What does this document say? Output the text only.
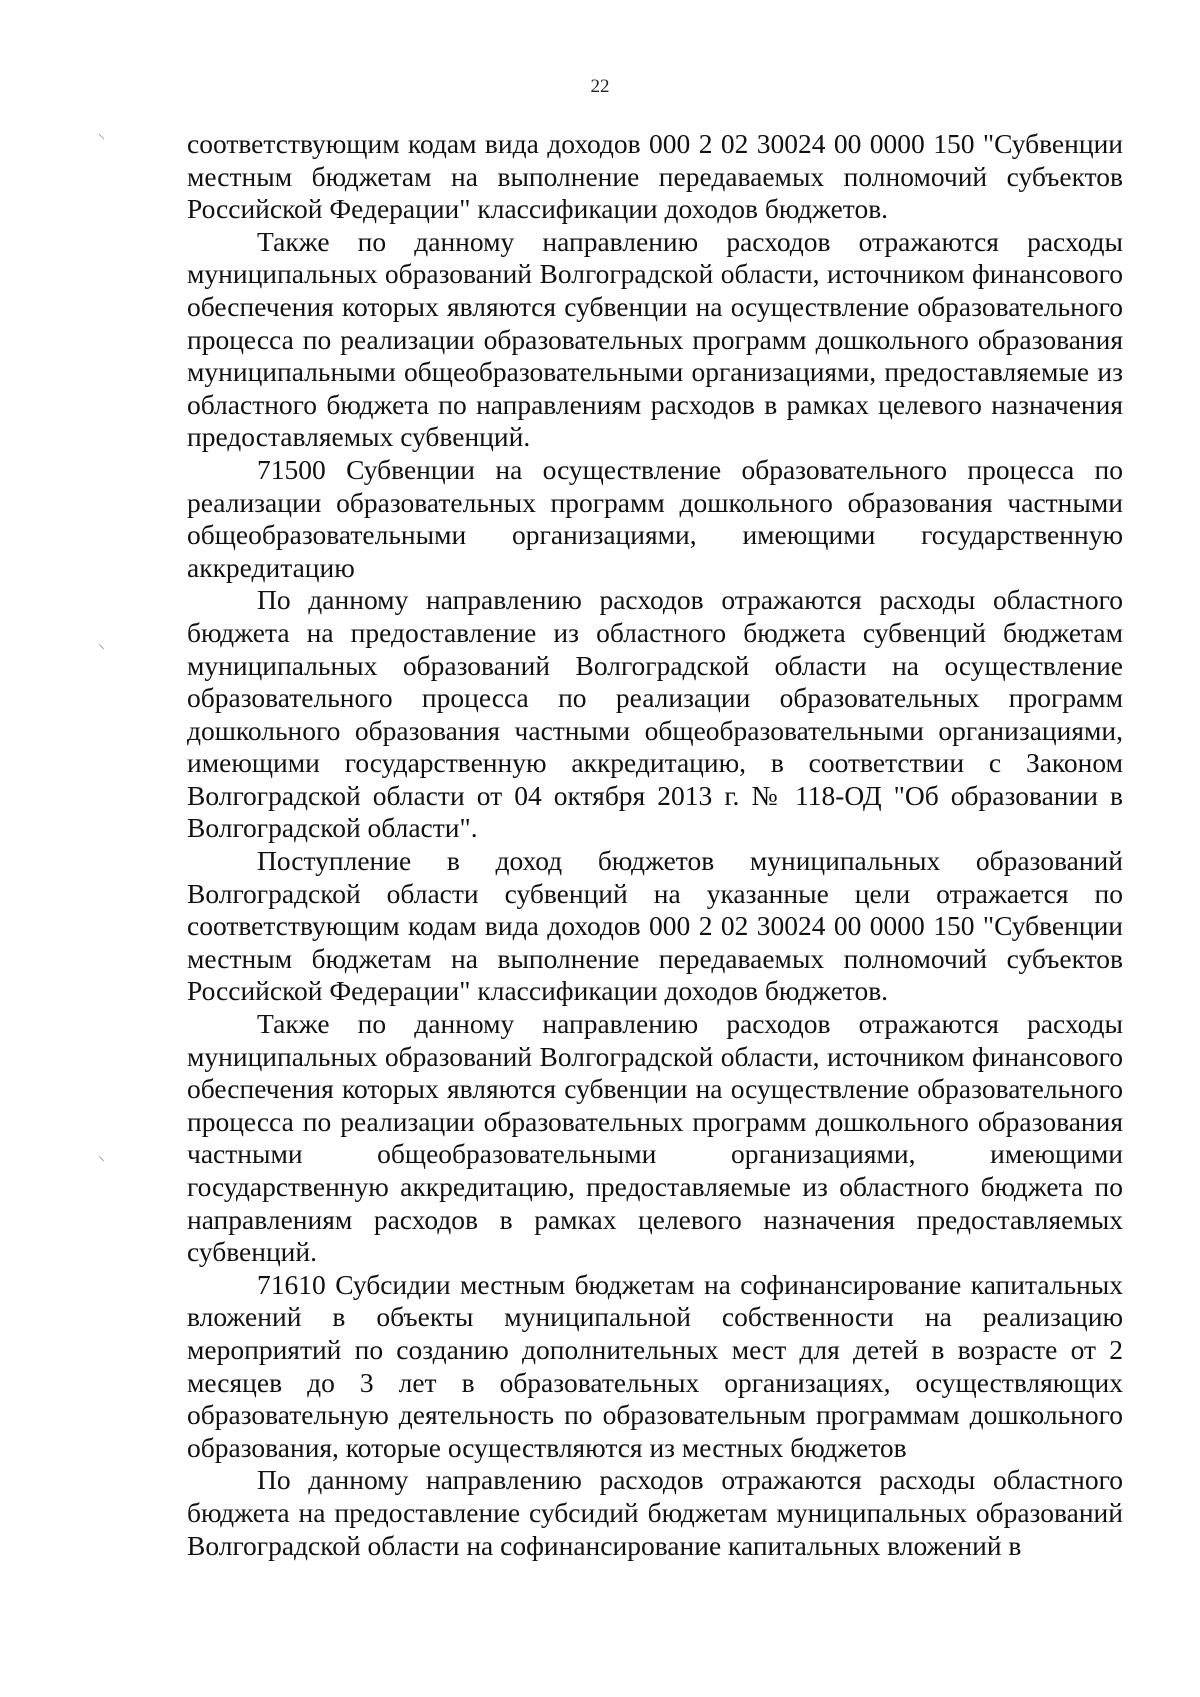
22
⸌
⸌
⸌

соответствующим кодам вида доходов 000 2 02 30024 00 0000 150 "Субвенции местным бюджетам на выполнение передаваемых полномочий субъектов Российской Федерации" классификации доходов бюджетов.

Также по данному направлению расходов отражаются расходы муниципальных образований Волгоградской области, источником финансового обеспечения которых являются субвенции на осуществление образовательного процесса по реализации образовательных программ дошкольного образования муниципальными общеобразовательными организациями, предоставляемые из областного бюджета по направлениям расходов в рамках целевого назначения предоставляемых субвенций.

71500 Субвенции на осуществление образовательного процесса по реализации образовательных программ дошкольного образования частными общеобразовательными организациями, имеющими государственную аккредитацию

По данному направлению расходов отражаются расходы областного бюджета на предоставление из областного бюджета субвенций бюджетам муниципальных образований Волгоградской области на осуществление образовательного процесса по реализации образовательных программ дошкольного образования частными общеобразовательными организациями, имеющими государственную аккредитацию, в соответствии с Законом Волгоградской области от 04 октября 2013 г. № 118-ОД "Об образовании в Волгоградской области".

Поступление в доход бюджетов муниципальных образований Волгоградской области субвенций на указанные цели отражается по соответствующим кодам вида доходов 000 2 02 30024 00 0000 150 "Субвенции местным бюджетам на выполнение передаваемых полномочий субъектов Российской Федерации" классификации доходов бюджетов.

Также по данному направлению расходов отражаются расходы муниципальных образований Волгоградской области, источником финансового обеспечения которых являются субвенции на осуществление образовательного процесса по реализации образовательных программ дошкольного образования частными общеобразовательными организациями, имеющими государственную аккредитацию, предоставляемые из областного бюджета по направлениям расходов в рамках целевого назначения предоставляемых субвенций.

71610 Субсидии местным бюджетам на софинансирование капитальных вложений в объекты муниципальной собственности на реализацию мероприятий по созданию дополнительных мест для детей в возрасте от 2 месяцев до 3 лет в образовательных организациях, осуществляющих образовательную деятельность по образовательным программам дошкольного образования, которые осуществляются из местных бюджетов

По данному направлению расходов отражаются расходы областного бюджета на предоставление субсидий бюджетам муниципальных образований Волгоградской области на софинансирование капитальных вложений в
